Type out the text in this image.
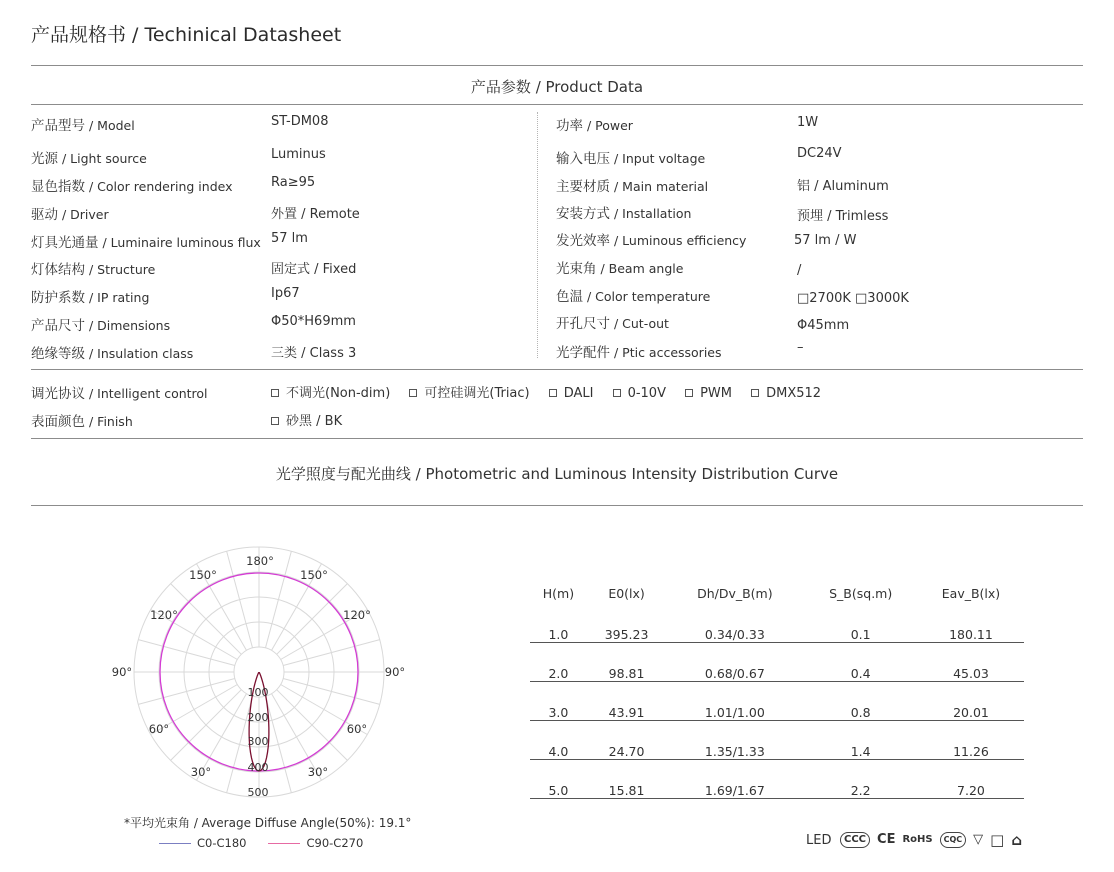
产品规格书 / Techinical Datasheet
产品参数 / Product Data
产品型号 / Model	ST-DM08
光源 / Light source	Luminus
显色指数 / Color rendering index	Ra≥95
驱动 / Driver	外置 / Remote
灯具光通量 / Luminaire luminous flux 57 lm
灯体结构 / Structure	固定式 / Fixed
防护系数 / IP rating	Ip67
产品尺寸 / Dimensions	Φ50*H69mm
绝缘等级 / Insulation class	三类 / Class 3
功率 / Power	1W
输入电压 / Input voltage	DC24V
主要材质 / Main material	铝 / Aluminum
安装方式 / Installation	预埋 / Trimless
发光效率 / Luminous efficiency	57 lm / W
光束角 / Beam angle	/
色温 / Color temperature	□2700K □3000K
开孔尺寸 / Cut-out	Φ45mm
光学配件 / Ptic accessories	–
调光协议 / Intelligent control	不调光(Non-dim)	可控硅调光(Triac)	DALI	0-10V	PWM	DMX512
表面颜色 / Finish	砂黑 / BK
光学照度与配光曲线 / Photometric and Luminous Intensity Distribution Curve
180°
150°	150°
120°	120°
90°	90°
60°	60°
30°	30°
100
200
300
400
500
*平均光束角 / Average Diffuse Angle(50%): 19.1°
C0-C180	C90-C270
H(m)	E0(lx)	Dh/Dv_B(m)	S_B(sq.m)	Eav_B(lx)

1.0	395.23	0.34/0.33	0.1	180.11

2.0	98.81	0.68/0.67	0.4	45.03

3.0	43.91	1.01/1.00	0.8	20.01

4.0	24.70	1.35/1.33	1.4	11.26

5.0	15.81	1.69/1.67	2.2	7.20
LED	CCC CE RoHS	CQC ▽ □ ⌂
